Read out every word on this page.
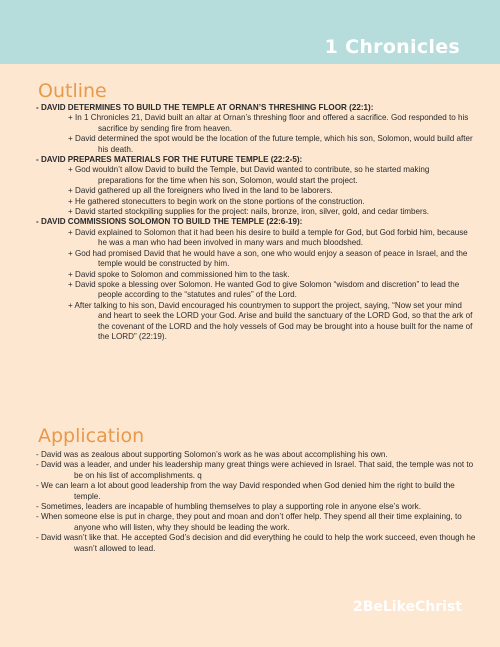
1 Chronicles
Outline

- DAVID DETERMINES TO BUILD THE TEMPLE AT ORNAN’S THRESHING FLOOR (22:1):

+ In 1 Chronicles 21, David built an altar at Ornan’s threshing floor and offered a sacrifice. God responded to his sacrifice by sending fire from heaven.

+ David determined the spot would be the location of the future temple, which his son, Solomon, would build after his death.

- DAVID PREPARES MATERIALS FOR THE FUTURE TEMPLE (22:2-5):

+ God wouldn’t allow David to build the Temple, but David wanted to contribute, so he started making preparations for the time when his son, Solomon, would start the project.

+ David gathered up all the foreigners who lived in the land to be laborers.

+ He gathered stonecutters to begin work on the stone portions of the construction.

+ David started stockpiling supplies for the project: nails, bronze, iron, silver, gold, and cedar timbers.

- DAVID COMMISSIONS SOLOMON TO BUILD THE TEMPLE (22:6-19):

+ David explained to Solomon that it had been his desire to build a temple for God, but God forbid him, because he was a man who had been involved in many wars and much bloodshed.

+ God had promised David that he would have a son, one who would enjoy a season of peace in Israel, and the temple would be constructed by him.

+ David spoke to Solomon and commissioned him to the task.

+ David spoke a blessing over Solomon. He wanted God to give Solomon “wisdom and discretion” to lead the people according to the “statutes and rules” of the Lord.

+ After talking to his son, David encouraged his countrymen to support the project, saying, “Now set your mind and heart to seek the LORD your God. Arise and build the sanctuary of the LORD God, so that the ark of the covenant of the LORD and the holy vessels of God may be brought into a house built for the name of the LORD” (22:19).

Application

- David was as zealous about supporting Solomon’s work as he was about accomplishing his own.

- David was a leader, and under his leadership many great things were achieved in Israel. That said, the temple was not to be on his list of accomplishments. q

- We can learn a lot about good leadership from the way David responded when God denied him the right to build the temple.

- Sometimes, leaders are incapable of humbling themselves to play a supporting role in anyone else’s work.

- When someone else is put in charge, they pout and moan and don’t offer help. They spend all their time explaining, to anyone who will listen, why they should be leading the work.

- David wasn’t like that. He accepted God’s decision and did everything he could to help the work succeed, even though he wasn’t allowed to lead.

2BeLikeChrist
